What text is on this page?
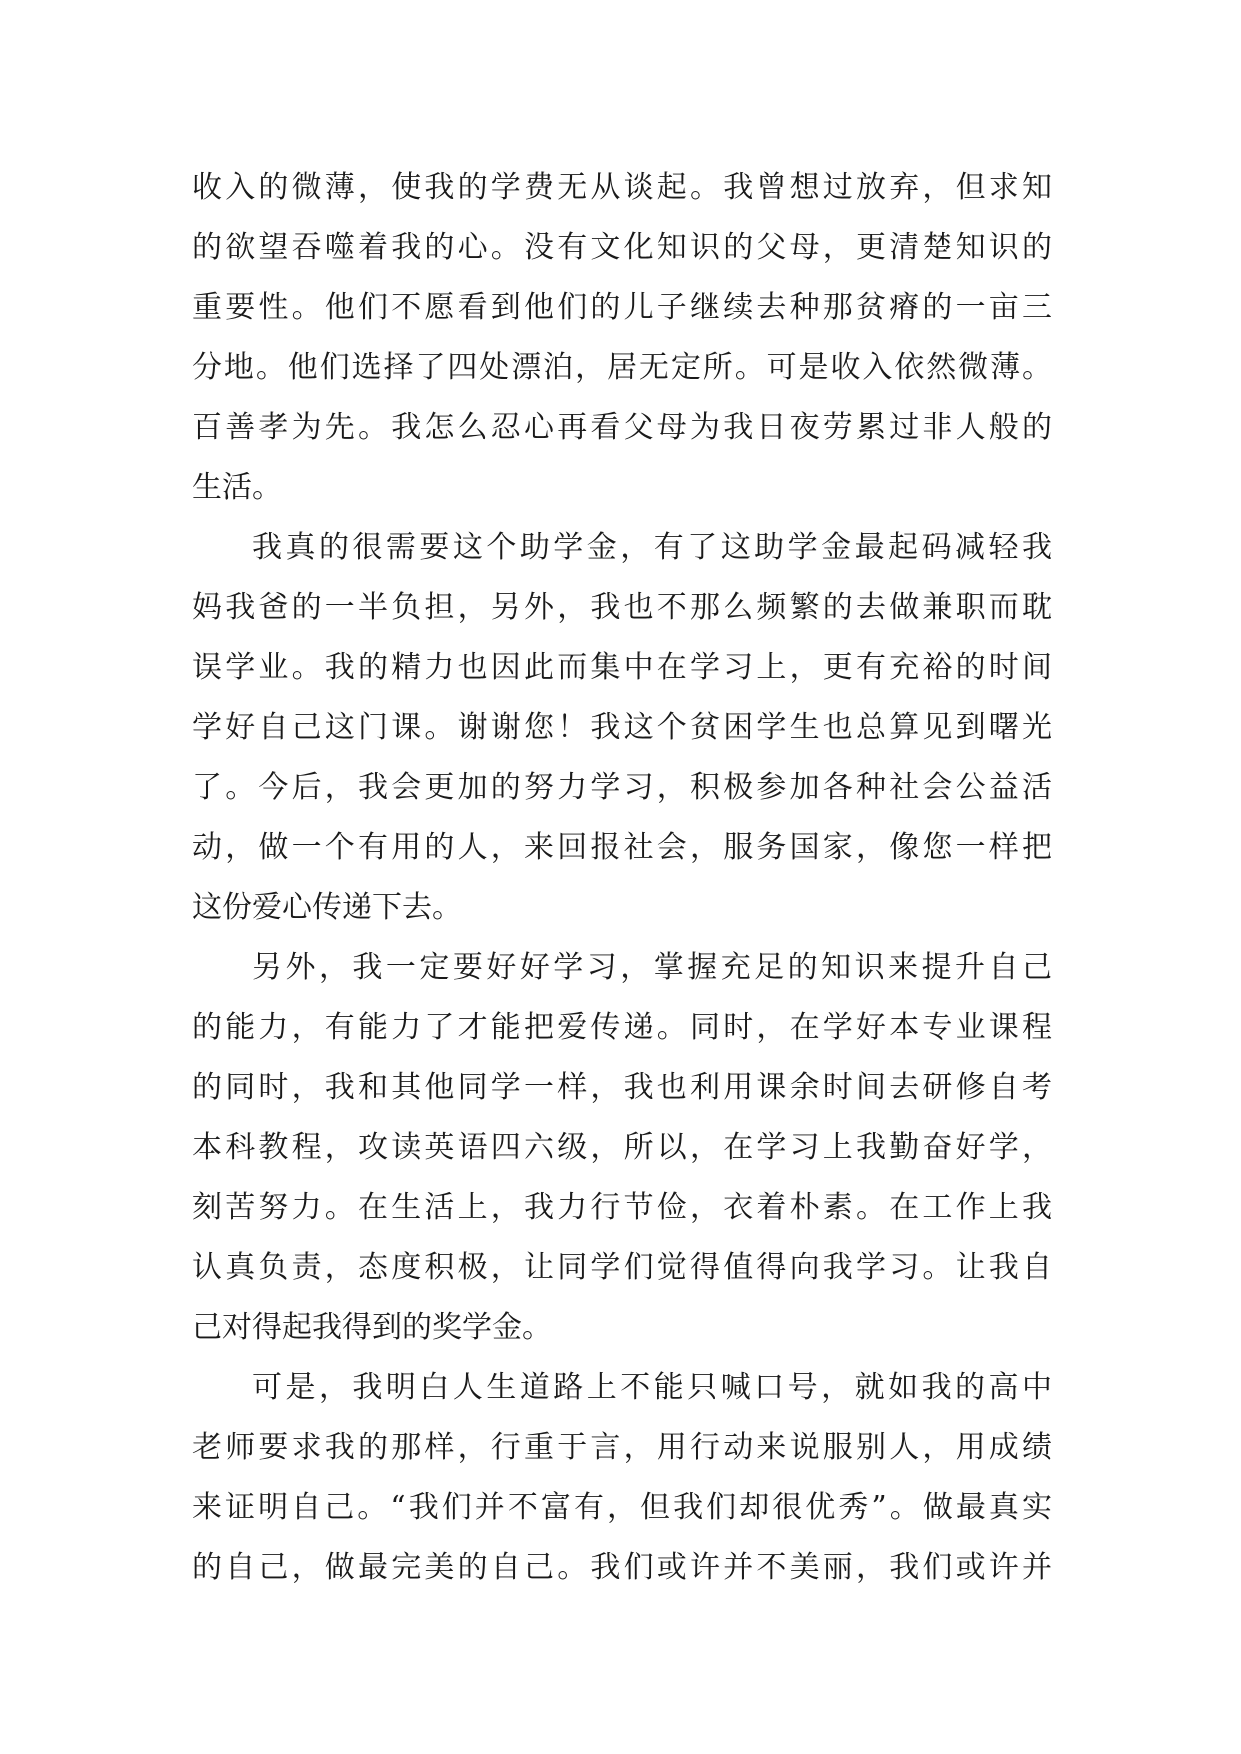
收入的微薄，使我的学费无从谈起。我曾想过放弃，但求知
的欲望吞噬着我的心。没有文化知识的父母，更清楚知识的
重要性。他们不愿看到他们的儿子继续去种那贫瘠的一亩三
分地。他们选择了四处漂泊，居无定所。可是收入依然微薄。
百善孝为先。我怎么忍心再看父母为我日夜劳累过非人般的
生活。
我真的很需要这个助学金，有了这助学金最起码减轻我
妈我爸的一半负担，另外，我也不那么频繁的去做兼职而耽
误学业。我的精力也因此而集中在学习上，更有充裕的时间
学好自己这门课。谢谢您！我这个贫困学生也总算见到曙光
了。今后，我会更加的努力学习，积极参加各种社会公益活
动，做一个有用的人，来回报社会，服务国家，像您一样把
这份爱心传递下去。
另外，我一定要好好学习，掌握充足的知识来提升自己
的能力，有能力了才能把爱传递。同时，在学好本专业课程
的同时，我和其他同学一样，我也利用课余时间去研修自考
本科教程，攻读英语四六级，所以，在学习上我勤奋好学，
刻苦努力。在生活上，我力行节俭，衣着朴素。在工作上我
认真负责，态度积极，让同学们觉得值得向我学习。让我自
己对得起我得到的奖学金。
可是，我明白人生道路上不能只喊口号，就如我的高中
老师要求我的那样，行重于言，用行动来说服别人，用成绩
来证明自己。“我们并不富有，但我们却很优秀”。做最真实
的自己，做最完美的自己。我们或许并不美丽，我们或许并
